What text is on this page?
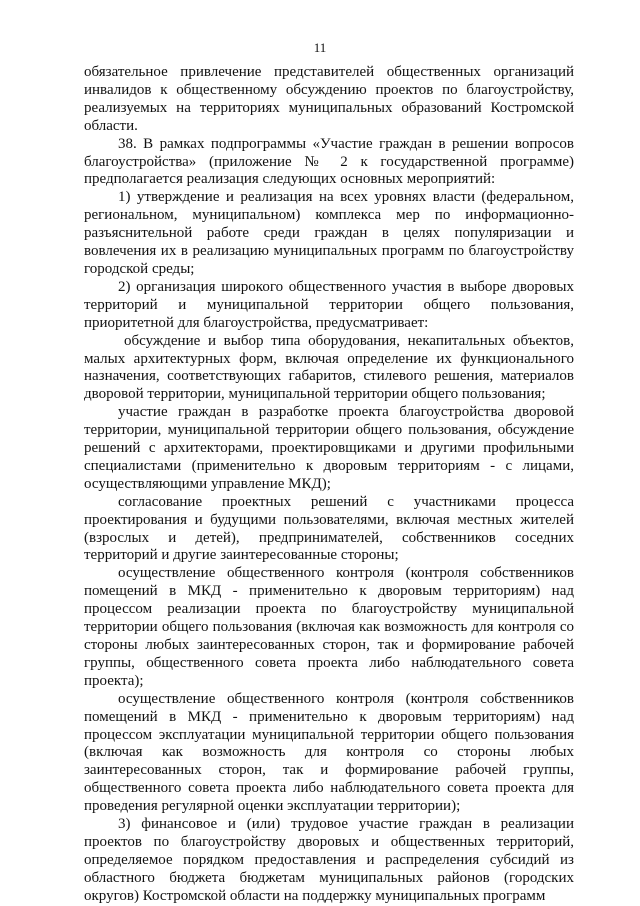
11

обязательное привлечение представителей общественных организаций инвалидов к общественному обсуждению проектов по благоустройству, реализуемых на территориях муниципальных образований Костромской области.

38. В рамках подпрограммы «Участие граждан в решении вопросов благоустройства» (приложение № 2 к государственной программе) предполагается реализация следующих основных мероприятий:

1) утверждение и реализация на всех уровнях власти (федеральном, региональном, муниципальном) комплекса мер по информационно-разъяснительной работе среди граждан в целях популяризации и вовлечения их в реализацию муниципальных программ по благоустройству городской среды;

2) организация широкого общественного участия в выборе дворовых территорий и муниципальной территории общего пользования, приоритетной для благоустройства, предусматривает:

обсуждение и выбор типа оборудования, некапитальных объектов, малых архитектурных форм, включая определение их функционального назначения, соответствующих габаритов, стилевого решения, материалов дворовой территории, муниципальной территории общего пользования;

участие граждан в разработке проекта благоустройства дворовой территории, муниципальной территории общего пользования, обсуждение решений с архитекторами, проектировщиками и другими профильными специалистами (применительно к дворовым территориям - с лицами, осуществляющими управление МКД);

согласование проектных решений с участниками процесса проектирования и будущими пользователями, включая местных жителей (взрослых и детей), предпринимателей, собственников соседних территорий и другие заинтересованные стороны;

осуществление общественного контроля (контроля собственников помещений в МКД - применительно к дворовым территориям) над процессом реализации проекта по благоустройству муниципальной территории общего пользования (включая как возможность для контроля со стороны любых заинтересованных сторон, так и формирование рабочей группы, общественного совета проекта либо наблюдательного совета проекта);

осуществление общественного контроля (контроля собственников помещений в МКД - применительно к дворовым территориям) над процессом эксплуатации муниципальной территории общего пользования (включая как возможность для контроля со стороны любых заинтересованных сторон, так и формирование рабочей группы, общественного совета проекта либо наблюдательного совета проекта для проведения регулярной оценки эксплуатации территории);

3) финансовое и (или) трудовое участие граждан в реализации проектов по благоустройству дворовых и общественных территорий, определяемое порядком предоставления и распределения субсидий из областного бюджета бюджетам муниципальных районов (городских округов) Костромской области на поддержку муниципальных программ
